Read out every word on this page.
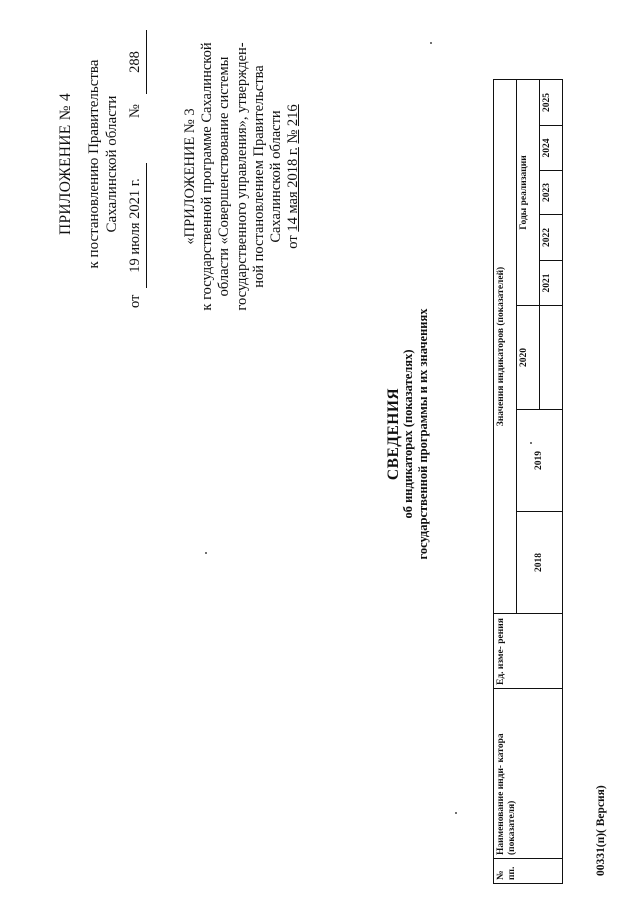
ПРИЛОЖЕНИЕ № 4 к постановлению Правительства Сахалинской области
от
19 июля 2021 г.
№
288
«ПРИЛОЖЕНИЕ № 3 к государственной программе Сахалинской области «Совершенствование системы государственного управления», утвержден- ной постановлением Правительства Сахалинской области от 14 мая 2018 г. № 216
СВЕДЕНИЯ об индикаторах (показателях) государственной программы и их значениях
№ пп.	Наименование инди- катора (показателя)	Ед. изме- рения	Значения индикаторов (показателей)							
			2018	2019	2020	Годы реализации				
						2021	2022	2023	2024	2025
00331(п)( Версия)
